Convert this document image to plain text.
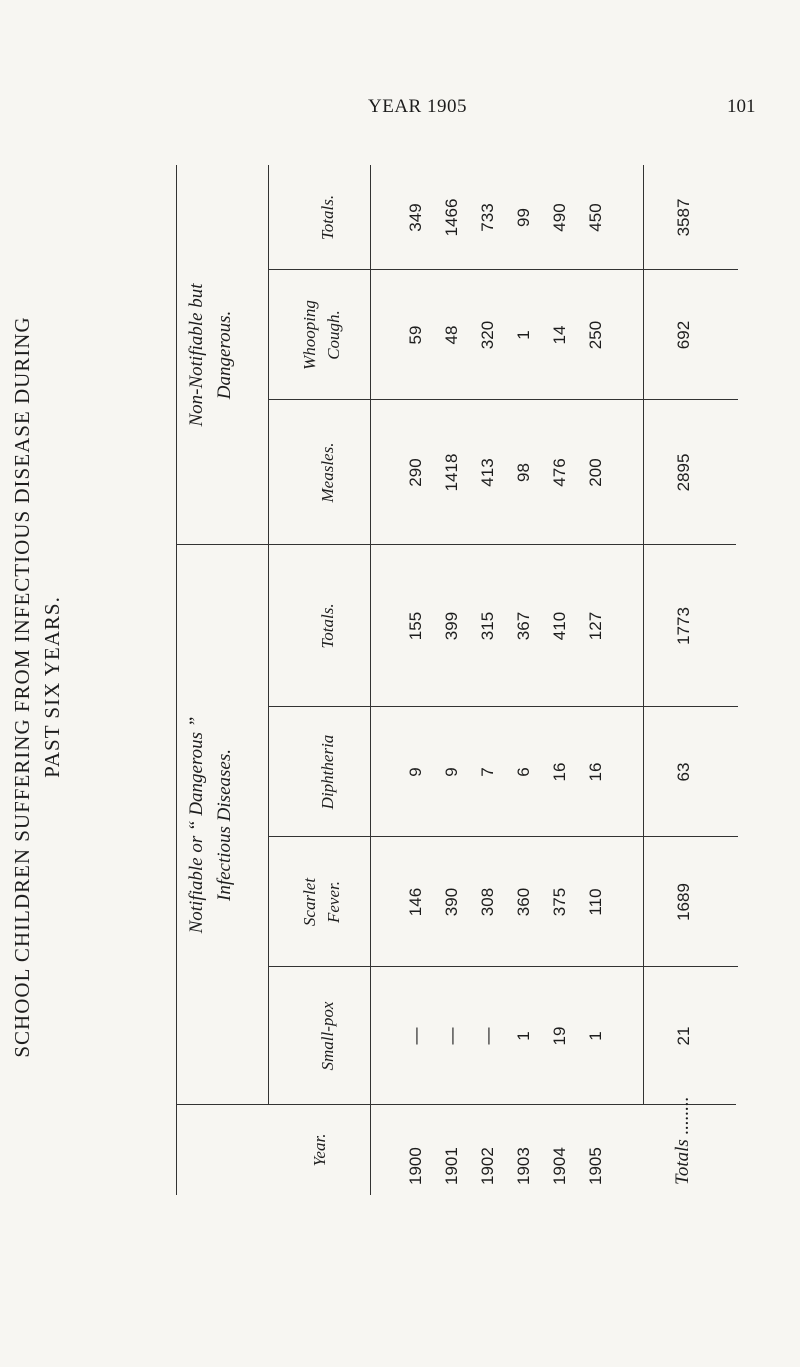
YEAR 1905	101
SCHOOL CHILDREN SUFFERING FROM INFECTIOUS DISEASE DURING PAST SIX YEARS.
Notifiable or “ Dangerous ” Infectious Diseases.
Non-Notifiable but Dangerous.
Year.
Small-pox
Scarlet Fever.
Diphtheria
Totals.
Measles.
Whooping Cough.
Totals.
1900
—
146
9
155
290
59
349
1901
—
390
9
399
1418
48
1466
1902
—
308
7
315
413
320
733
1903
1
360
6
367
98
1
99
1904
19
375
16
410
476
14
490
1905
1
110
16
127
200
250
450
Totals ........
21
1689
63
1773
2895
692
3587
